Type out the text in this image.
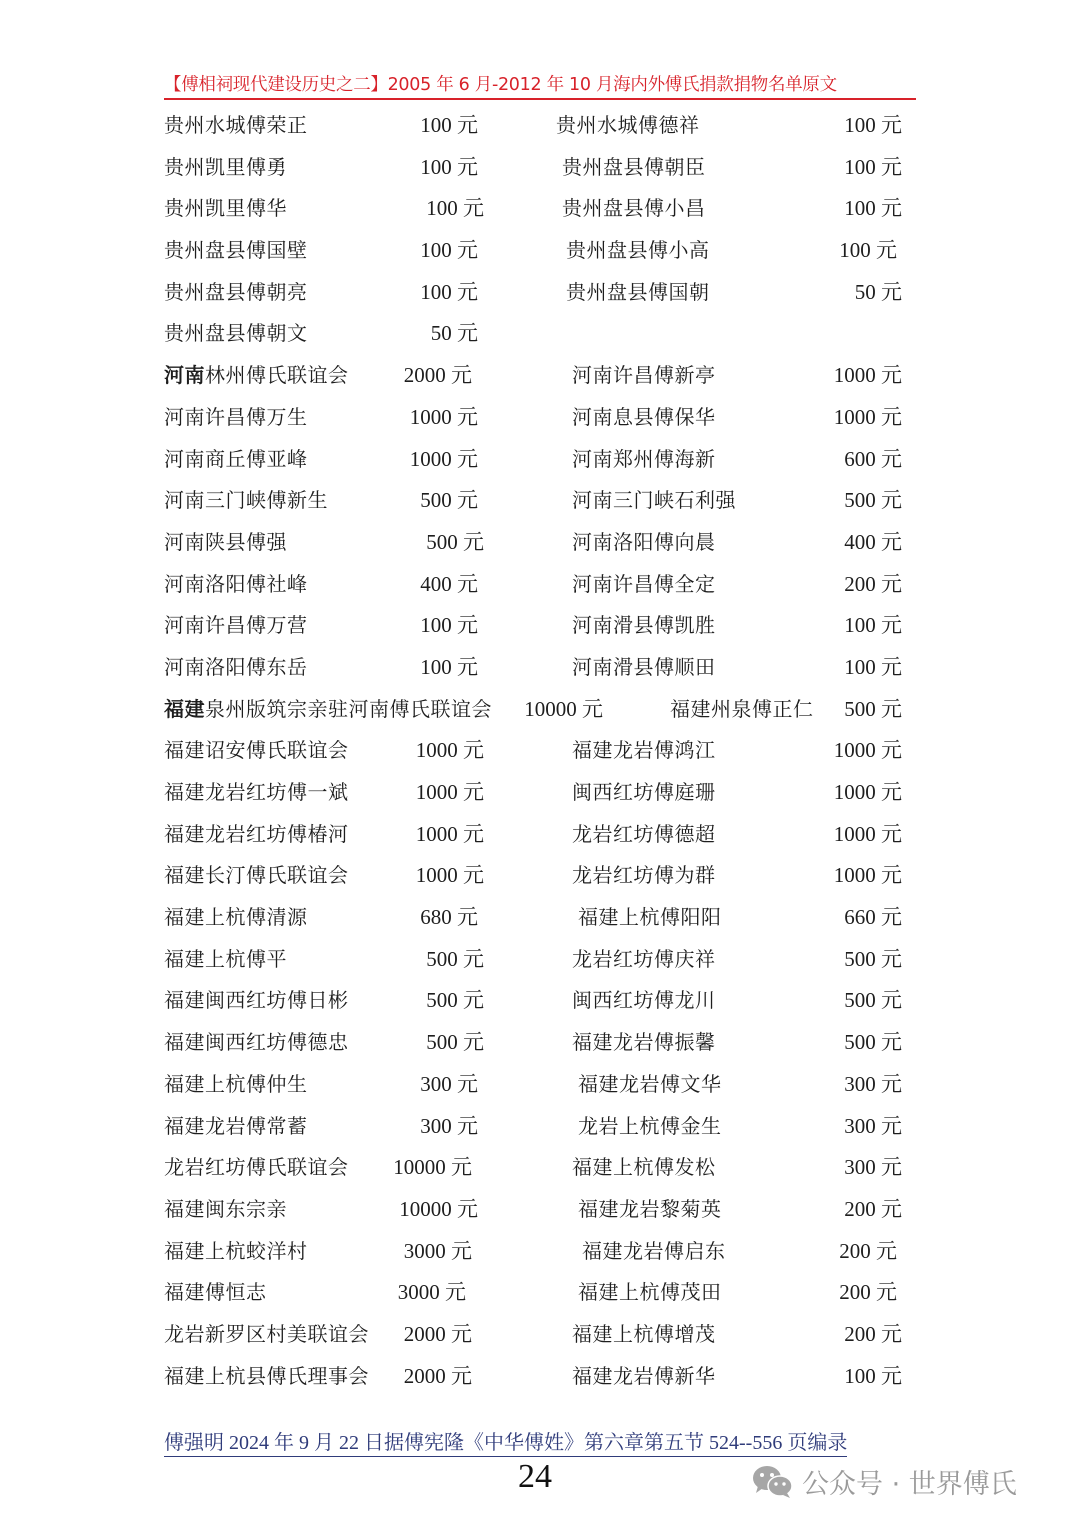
【傅相祠现代建设历史之二】2005 年 6 月-2012 年 10 月海内外傅氏捐款捐物名单原文
贵州水城傅荣正	100 元	贵州水城傅德祥	100 元
贵州凯里傅勇	100 元	贵州盘县傅朝臣	100 元
贵州凯里傅华	100 元	贵州盘县傅小昌	100 元
贵州盘县傅国壁	100 元	贵州盘县傅小高	100 元
贵州盘县傅朝亮	100 元	贵州盘县傅国朝	50 元
贵州盘县傅朝文	50 元
河南林州傅氏联谊会	2000 元	河南许昌傅新亭	1000 元
河南许昌傅万生	1000 元	河南息县傅保华	1000 元
河南商丘傅亚峰	1000 元	河南郑州傅海新	600 元
河南三门峡傅新生	500 元	河南三门峡石利强	500 元
河南陕县傅强	500 元	河南洛阳傅向晨	400 元
河南洛阳傅社峰	400 元	河南许昌傅全定	200 元
河南许昌傅万营	100 元	河南滑县傅凯胜	100 元
河南洛阳傅东岳	100 元	河南滑县傅顺田	100 元
福建泉州版筑宗亲驻河南傅氏联谊会 10000 元	福建州泉傅正仁 500 元
福建诏安傅氏联谊会	1000 元	福建龙岩傅鸿江	1000 元
福建龙岩红坊傅一斌	1000 元	闽西红坊傅庭珊	1000 元
福建龙岩红坊傅椿河	1000 元	龙岩红坊傅德超	1000 元
福建长汀傅氏联谊会	1000 元	龙岩红坊傅为群	1000 元
福建上杭傅清源	680 元	福建上杭傅阳阳	660 元
福建上杭傅平	500 元	龙岩红坊傅庆祥	500 元
福建闽西红坊傅日彬	500 元	闽西红坊傅龙川	500 元
福建闽西红坊傅德忠	500 元	福建龙岩傅振馨	500 元
福建上杭傅仲生	300 元	福建龙岩傅文华	300 元
福建龙岩傅常蓄	300 元	龙岩上杭傅金生	300 元
龙岩红坊傅氏联谊会 10000 元	福建上杭傅发松	300 元
福建闽东宗亲	10000 元	福建龙岩黎菊英	200 元
福建上杭蛟洋村	3000 元	福建龙岩傅启东	200 元
福建傅恒志	3000 元	福建上杭傅茂田	200 元
龙岩新罗区村美联谊会 2000 元	福建上杭傅增茂	200 元
福建上杭县傅氏理事会 2000 元	福建龙岩傅新华	100 元
傅强明 2024 年 9 月 22 日据傅宪隆《中华傅姓》第六章第五节 524--556 页编录
24	公众号 · 世界傅氏
